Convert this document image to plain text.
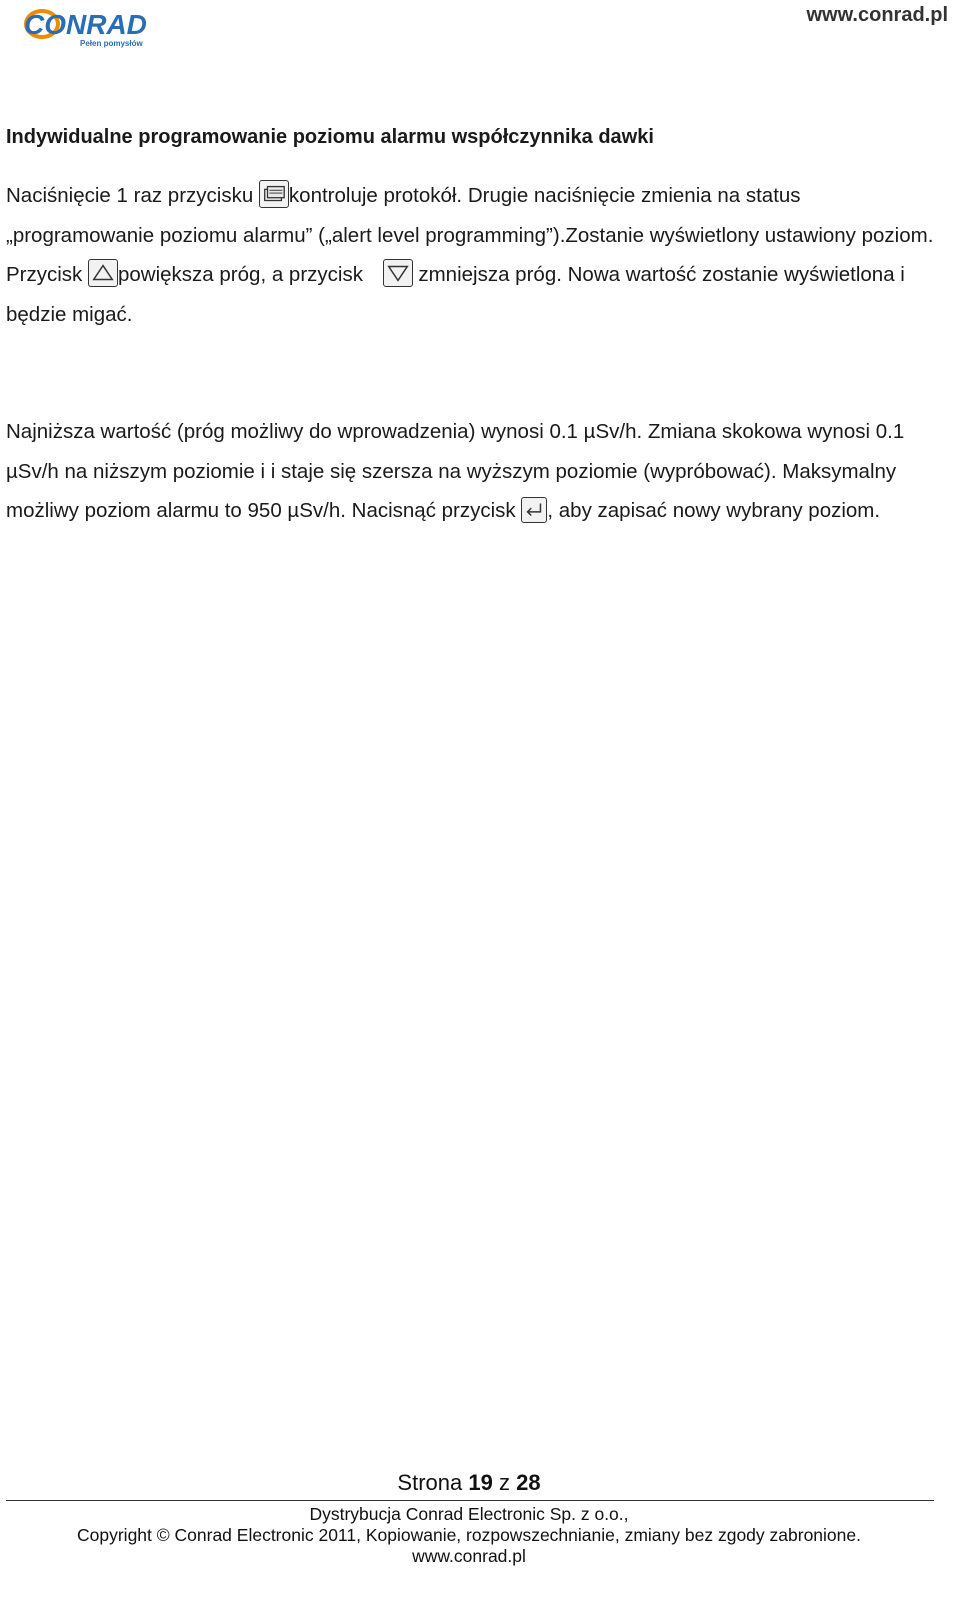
CONRAD
Pełen pomysłów
www.conrad.pl
Indywidualne programowanie poziomu alarmu współczynnika dawki
Naciśnięcie 1 raz przycisku
kontroluje protokół. Drugie naciśnięcie zmienia na status „programowanie poziomu alarmu” („alert level programming”).Zostanie wyświetlony ustawiony poziom. Przycisk
powiększa próg, a przycisk
zmniejsza próg. Nowa wartość zostanie wyświetlona i będzie migać.
Najniższa wartość (próg możliwy do wprowadzenia) wynosi 0.1 µSv/h. Zmiana skokowa wynosi 0.1 µSv/h na niższym poziomie i i staje się szersza na wyższym poziomie (wypróbować). Maksymalny możliwy poziom alarmu to 950 µSv/h. Nacisnąć przycisk
, aby zapisać nowy wybrany poziom.
Strona 19 z 28
Dystrybucja Conrad Electronic Sp. z o.o.,
Copyright © Conrad Electronic 2011, Kopiowanie, rozpowszechnianie, zmiany bez zgody zabronione.
www.conrad.pl
